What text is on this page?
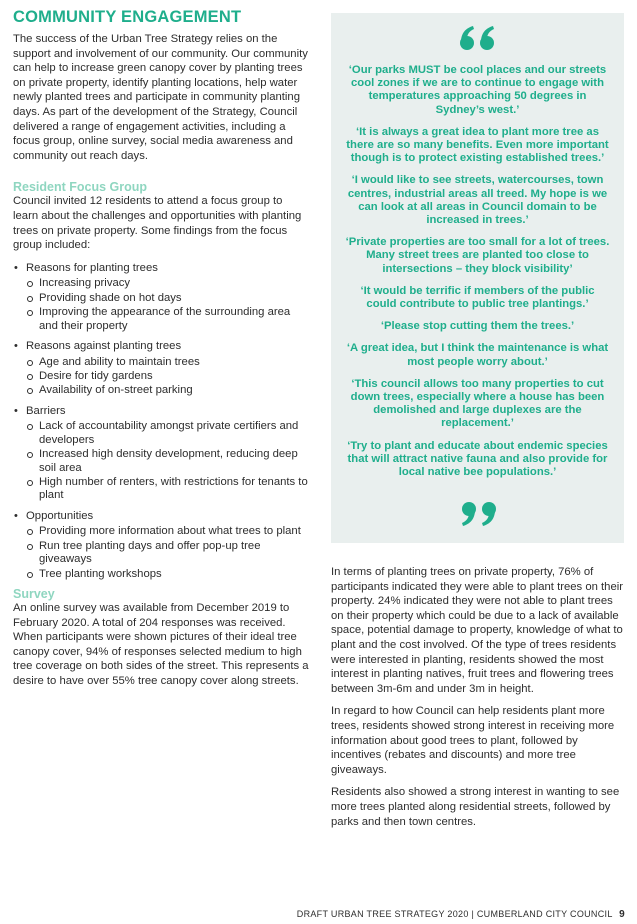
COMMUNITY ENGAGEMENT

The success of the Urban Tree Strategy relies on the support and involvement of our community. Our community can help to increase green canopy cover by planting trees on private property, identify planting locations, help water newly planted trees and participate in community planting days. As part of the development of the Strategy, Council delivered a range of engagement activities, including a focus group, online survey, social media awareness and community out reach days.

Resident Focus Group

Council invited 12 residents to attend a focus group to learn about the challenges and opportunities with planting trees on private property. Some findings from the focus group included:

• Reasons for planting trees
Increasing privacy
Providing shade on hot days
Improving the appearance of the surrounding area and their property
• Reasons against planting trees
Age and ability to maintain trees
Desire for tidy gardens
Availability of on-street parking
• Barriers
Lack of accountability amongst private certifiers and developers
Increased high density development, reducing deep soil area
High number of renters, with restrictions for tenants to plant
• Opportunities
Providing more information about what trees to plant
Run tree planting days and offer pop-up tree giveaways
Tree planting workshops
Survey

An online survey was available from December 2019 to February 2020. A total of 204 responses was received. When participants were shown pictures of their ideal tree canopy cover, 94% of responses selected medium to high tree coverage on both sides of the street. This represents a desire to have over 55% tree canopy cover along streets.

‘Our parks MUST be cool places and our streets cool zones if we are to continue to engage with temperatures approaching 50 degrees in Sydney’s west.’

‘It is always a great idea to plant more tree as there are so many benefits. Even more important though is to protect existing established trees.’

‘I would like to see streets, watercourses, town centres, industrial areas all treed. My hope is we can look at all areas in Council domain to be increased in trees.’

‘Private properties are too small for a lot of trees. Many street trees are planted too close to intersections – they block visibility’

‘It would be terrific if members of the public could contribute to public tree plantings.’

‘Please stop cutting them the trees.’

‘A great idea, but I think the maintenance is what most people worry about.’

‘This council allows too many properties to cut down trees, especially where a house has been demolished and large duplexes are the replacement.’

‘Try to plant and educate about endemic species that will attract native fauna and also provide for local native bee populations.’

In terms of planting trees on private property, 76% of participants indicated they were able to plant trees on their property. 24% indicated they were not able to plant trees on their property which could be due to a lack of available space, potential damage to property, knowledge of what to plant and the cost involved. Of the type of trees residents were interested in planting, residents showed the most interest in planting natives, fruit trees and flowering trees between 3m-6m and under 3m in height.

In regard to how Council can help residents plant more trees, residents showed strong interest in receiving more information about good trees to plant, followed by incentives (rebates and discounts) and more tree giveaways.

Residents also showed a strong interest in wanting to see more trees planted along residential streets, followed by parks and then town centres.

DRAFT URBAN TREE STRATEGY 2020 | CUMBERLAND CITY COUNCIL 9
